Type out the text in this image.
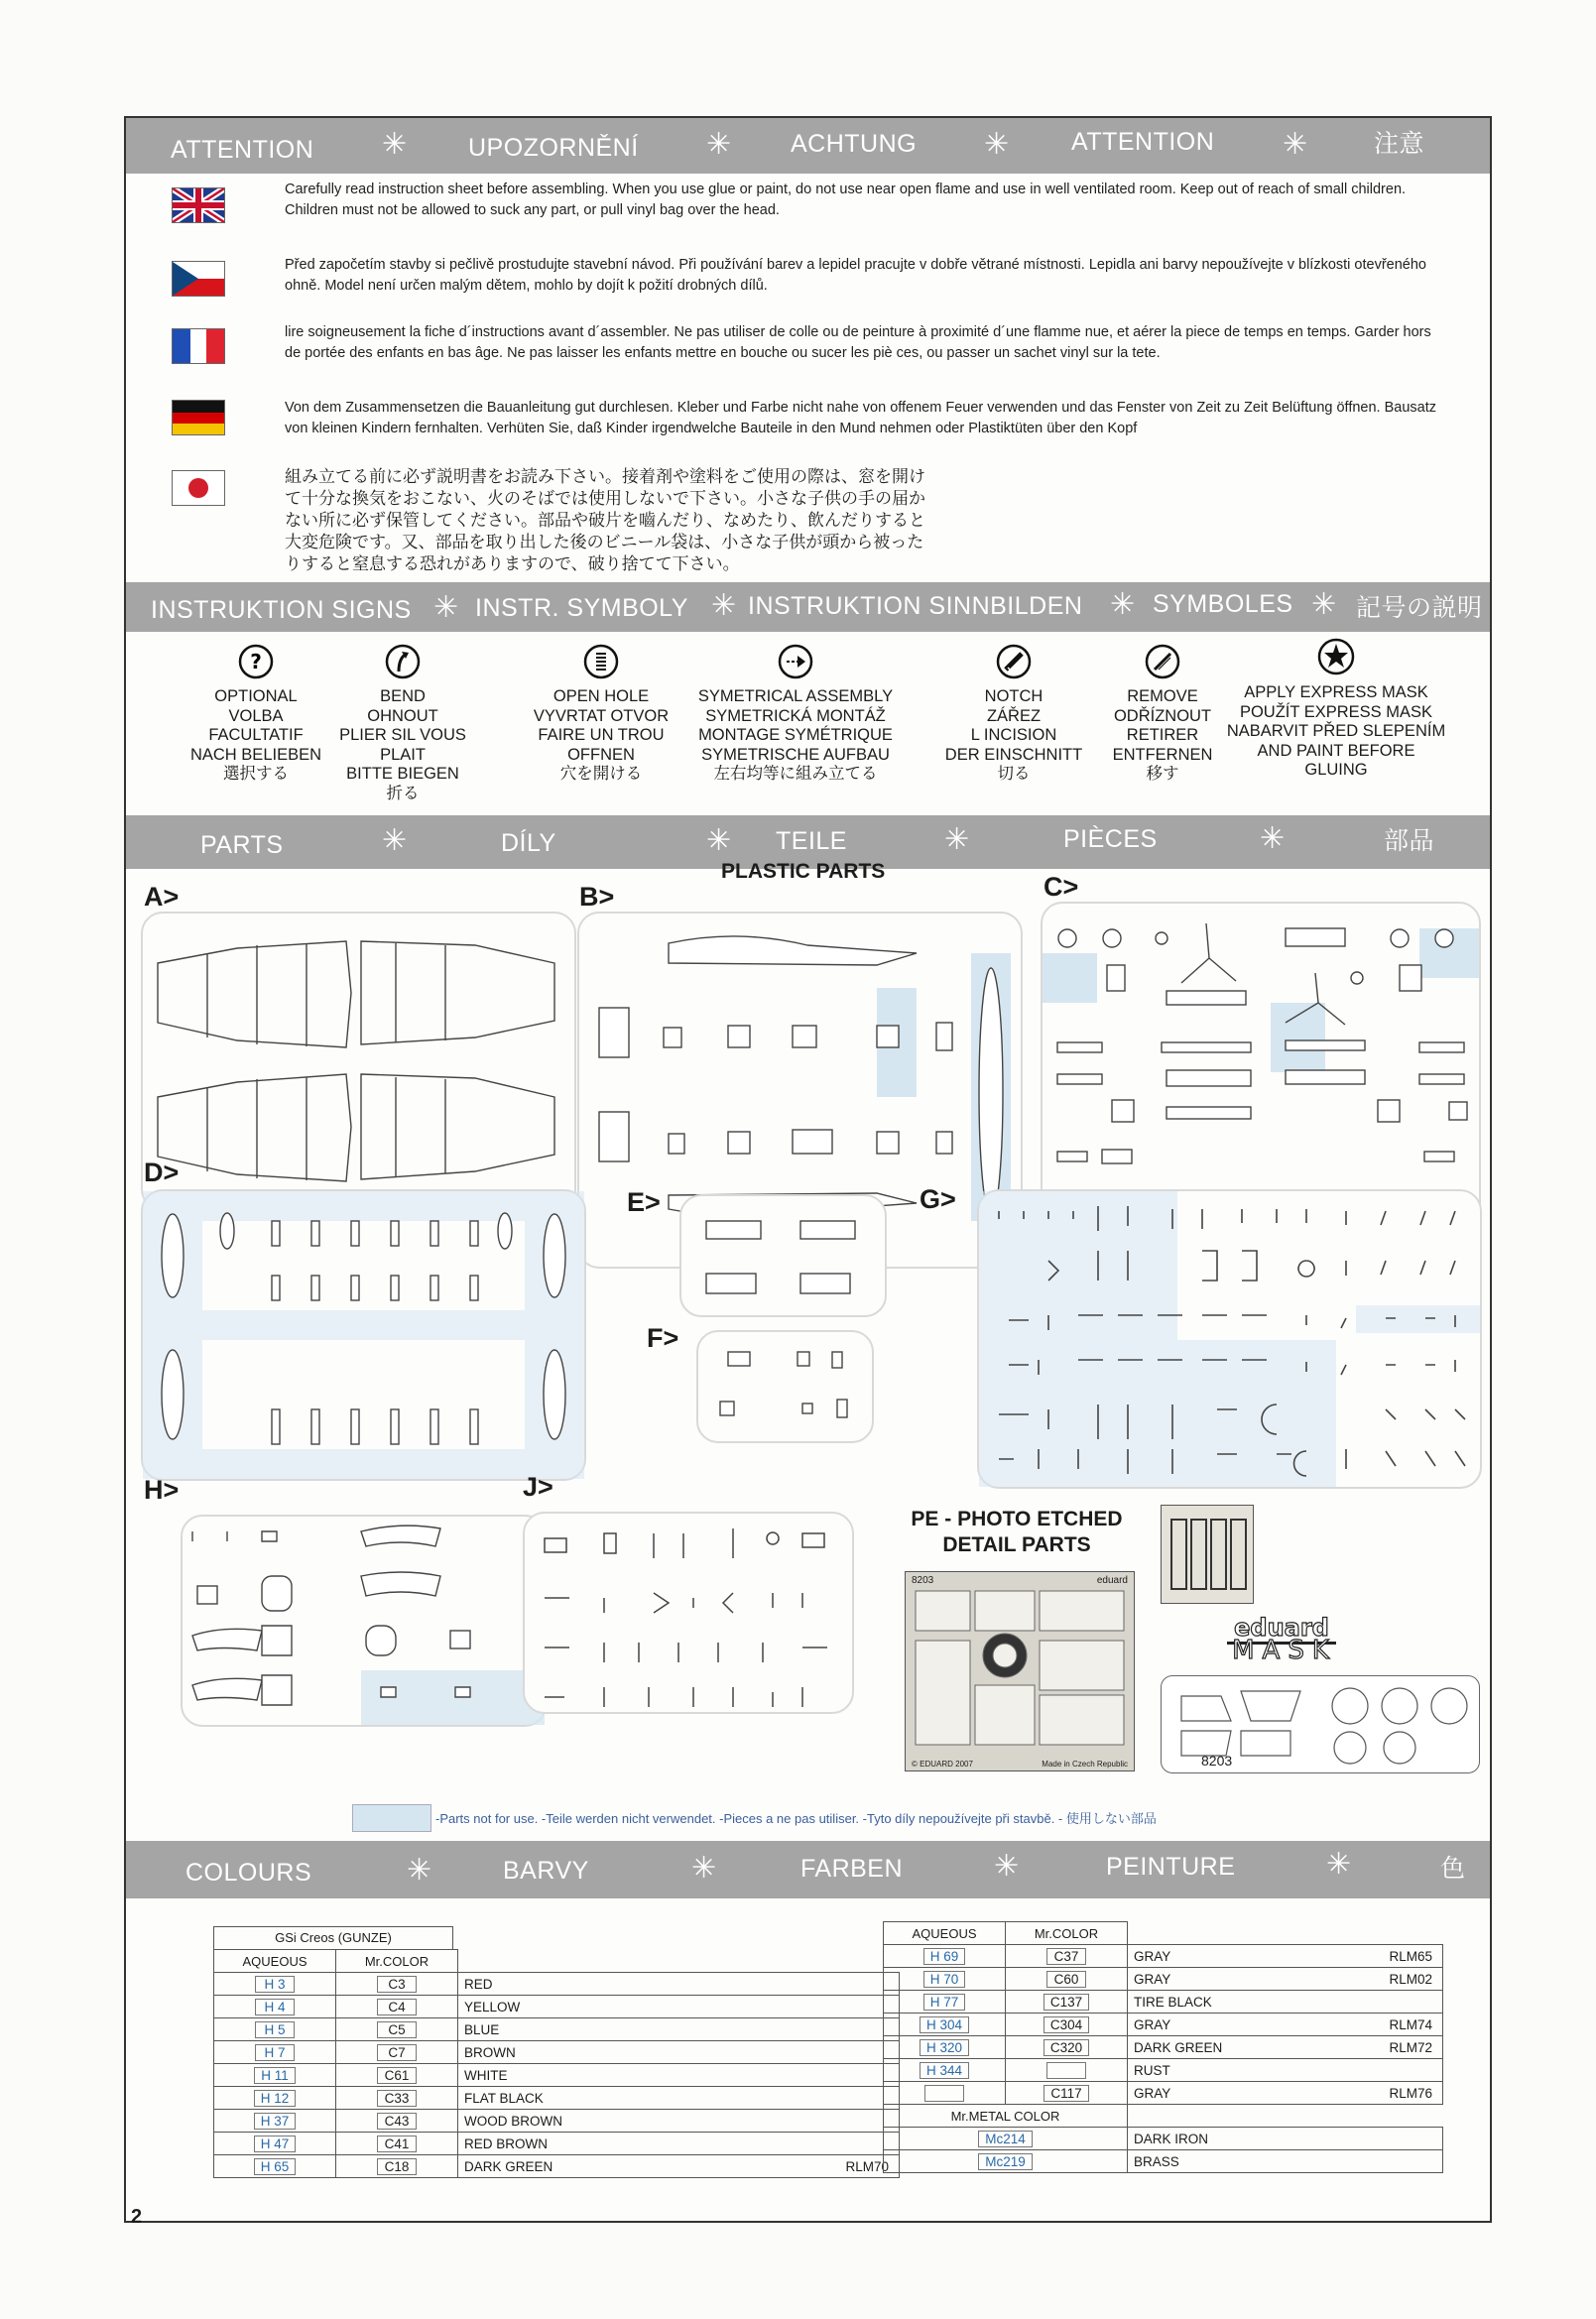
ATTENTION ✳ UPOZORNĚNÍ ✳ ACHTUNG ✳ ATTENTION ✳	注意
Carefully read instruction sheet before assembling. When you use glue or paint, do not use near open flame and use in well ventilated room. Keep out of reach of small children. Children must not be allowed to suck any part, or pull vinyl bag over the head.
Před započetím stavby si pečlivě prostudujte stavební návod. Při používání barev a lepidel pracujte v dobře větrané místnosti. Lepidla ani barvy nepoužívejte v blízkosti otevřeného ohně. Model není určen malým dětem, mohlo by dojít k požití drobných dílů.
lire soigneusement la fiche d´instructions avant d´assembler. Ne pas utiliser de colle ou de peinture à proximité d´une flamme nue, et aérer la piece de temps en temps. Garder hors de portée des enfants en bas âge. Ne pas laisser les enfants mettre en bouche ou sucer les piè ces, ou passer un sachet vinyl sur la tete.
Von dem Zusammensetzen die Bauanleitung gut durchlesen. Kleber und Farbe nicht nahe von offenem Feuer verwenden und das Fenster von Zeit zu Zeit Belüftung öffnen. Bausatz von kleinen Kindern fernhalten. Verhüten Sie, daß Kinder irgendwelche Bauteile in den Mund nehmen oder Plastiktüten über den Kopf
組み立てる前に必ず説明書をお読み下さい。接着剤や塗料をご使用の際は、窓を開けて十分な換気をおこない、火のそばでは使用しないで下さい。小さな子供の手の届かない所に必ず保管してください。部品や破片を嚙んだり、なめたり、飲んだりすると大変危険です。又、部品を取り出した後のビニール袋は、小さな子供が頭から被ったりすると窒息する恐れがありますので、破り捨てて下さい。
INSTRUKTION SIGNS ✳ INSTR. SYMBOLY ✳ INSTRUKTION SINNBILDEN ✳ SYMBOLES ✳ 記号の説明
?
OPTIONAL
VOLBA
FACULTATIF
NACH BELIEBEN
選択する
BEND
OHNOUT
PLIER SIL VOUS PLAIT
BITTE BIEGEN
折る
OPEN HOLE
VYVRTAT OTVOR
FAIRE UN TROU
OFFNEN
穴を開ける
SYMETRICAL ASSEMBLY
SYMETRICKÁ MONTÁŽ
MONTAGE SYMÉTRIQUE
SYMETRISCHE AUFBAU
左右均等に組み立てる
NOTCH
ZÁŘEZ
L INCISION
DER EINSCHNITT
切る
REMOVE
ODŘÍZNOUT
RETIRER
ENTFERNEN
移す
APPLY EXPRESS MASK
POUŽÍT EXPRESS MASK
NABARVIT PŘED SLEPENÍM
AND PAINT BEFORE
GLUING
PARTS	✳	DÍLY	✳ TEILE	✳	PIÈCES	✳	部品
PLASTIC PARTS
A>	B>	C>
D>
E>
F>
G>
H>	J>
PE - PHOTO ETCHED
DETAIL PARTS
8203	eduard
© EDUARD 2007	Made in Czech Republic
eduard
MASK
8203
-Parts not for use. -Teile werden nicht verwendet. -Pieces a ne pas utiliser. -Tyto díly nepoužívejte při stavbě. - 使用しない部品
COLOURS	✳	BARVY	✳	FARBEN	✳	PEINTURE	✳	色
GSi Creos (GUNZE)
AQUEOUS	Mr.COLOR	
H 3	C3	RED
H 4	C4	YELLOW
H 5	C5	BLUE
H 7	C7	BROWN
H 11	C61	WHITE
H 12	C33	FLAT BLACK
H 37	C43	WOOD BROWN
H 47	C41	RED BROWN
H 65	C18	DARK GREEN RLM70
AQUEOUS	Mr.COLOR	
H 69	C37	GRAY RLM65

H 70	C60	GRAY RLM02

H 77	C137	TIRE BLACK
H 304	C304	GRAY RLM74

H 320	C320	DARK GREEN RLM72

H 344		RUST
	C117	GRAY RLM76

Mr.METAL COLOR		
Mc214		DARK IRON
Mc219		BRASS
2
